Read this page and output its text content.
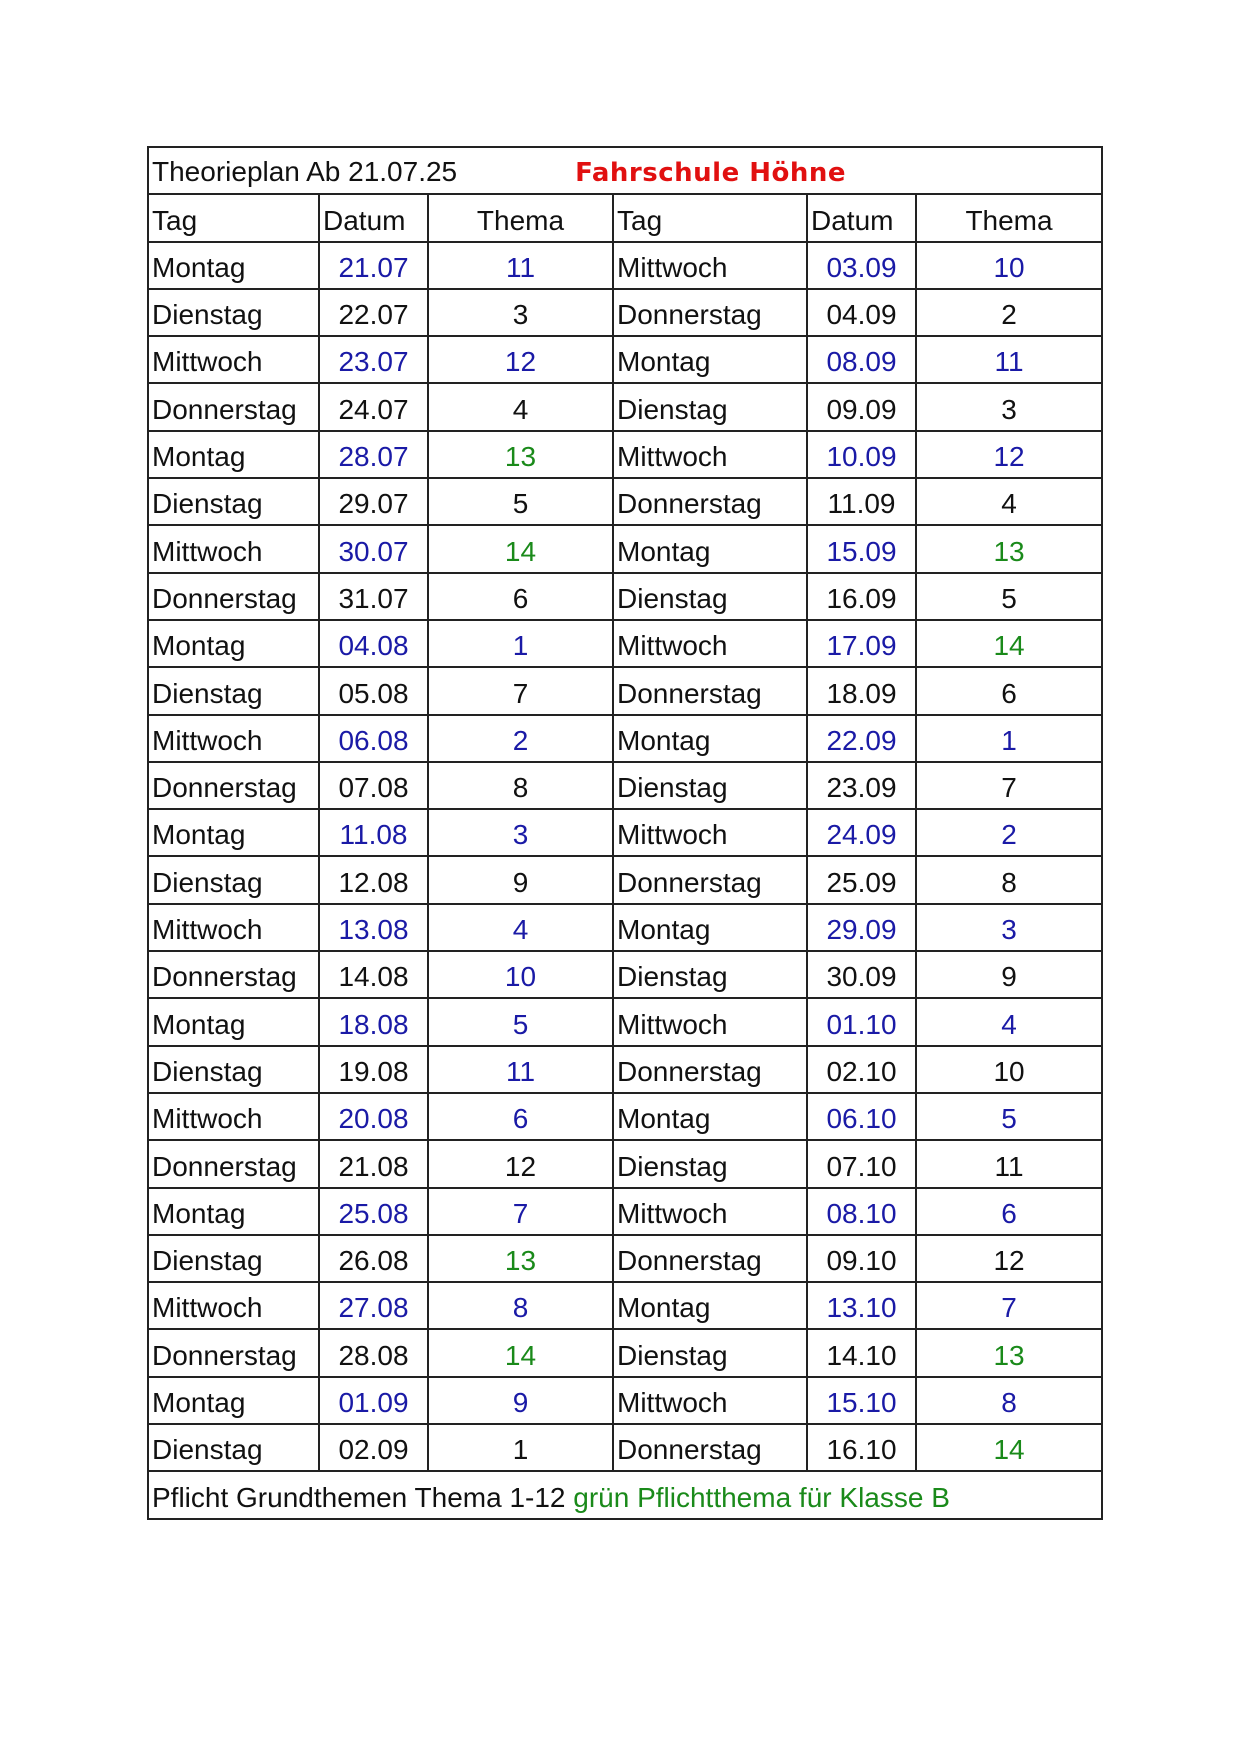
Theorieplan Ab 21.07.25 Fahrschule Höhne					
Tag	Datum	Thema	Tag	Datum	Thema
Montag	21.07	11	Mittwoch	03.09	10
Dienstag	22.07	3	Donnerstag	04.09	2
Mittwoch	23.07	12	Montag	08.09	11
Donnerstag	24.07	4	Dienstag	09.09	3
Montag	28.07	13	Mittwoch	10.09	12
Dienstag	29.07	5	Donnerstag	11.09	4
Mittwoch	30.07	14	Montag	15.09	13
Donnerstag	31.07	6	Dienstag	16.09	5
Montag	04.08	1	Mittwoch	17.09	14
Dienstag	05.08	7	Donnerstag	18.09	6
Mittwoch	06.08	2	Montag	22.09	1
Donnerstag	07.08	8	Dienstag	23.09	7
Montag	11.08	3	Mittwoch	24.09	2
Dienstag	12.08	9	Donnerstag	25.09	8
Mittwoch	13.08	4	Montag	29.09	3
Donnerstag	14.08	10	Dienstag	30.09	9
Montag	18.08	5	Mittwoch	01.10	4
Dienstag	19.08	11	Donnerstag	02.10	10
Mittwoch	20.08	6	Montag	06.10	5
Donnerstag	21.08	12	Dienstag	07.10	11
Montag	25.08	7	Mittwoch	08.10	6
Dienstag	26.08	13	Donnerstag	09.10	12
Mittwoch	27.08	8	Montag	13.10	7
Donnerstag	28.08	14	Dienstag	14.10	13
Montag	01.09	9	Mittwoch	15.10	8
Dienstag	02.09	1	Donnerstag	16.10	14
Pflicht Grundthemen Thema 1-12 grün Pflichtthema für Klasse B					
